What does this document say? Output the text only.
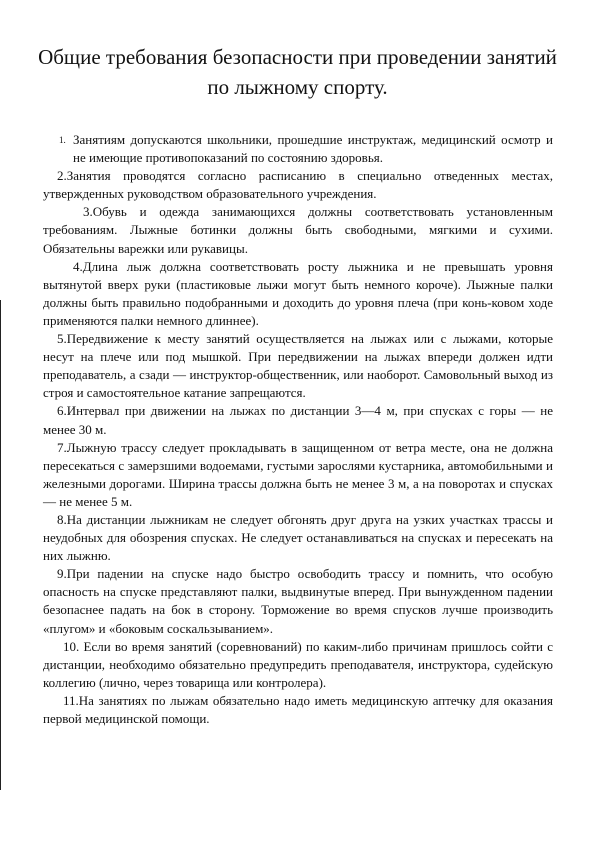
Общие требования безопасности при проведении занятий по лыжному спорту.

1. Занятиям допускаются школьники, прошедшие инструктаж, медицинский осмотр и не имеющие противопоказаний по состоянию здоровья.

2.Занятия проводятся согласно расписанию в специально отведенных местах, утвержденных руководством образовательного учреждения.

3.Обувь и одежда занимающихся должны соответствовать установленным требованиям. Лыжные ботинки должны быть свободными, мягкими и сухими. Обязательны варежки или рукавицы.

4.Длина лыж должна соответствовать росту лыжника и не превышать уровня вытянутой вверх руки (пластиковые лыжи могут быть немного короче). Лыжные палки должны быть правильно подобранными и доходить до уровня плеча (при конь-ковом ходе применяются палки немного длиннее).

5.Передвижение к месту занятий осуществляется на лыжах или с лыжами, которые несут на плече или под мышкой. При передвижении на лыжах впереди должен идти преподаватель, а сзади — инструктор-общественник, или наоборот. Самовольный выход из строя и самостоятельное катание запрещаются.

6.Интервал при движении на лыжах по дистанции 3—4 м, при спусках с горы — не менее 30 м.

7.Лыжную трассу следует прокладывать в защищенном от ветра месте, она не должна пересекаться с замерзшими водоемами, густыми зарослями кустарника, автомобильными и железными дорогами. Ширина трассы должна быть не менее 3 м, а на поворотах и спусках — не менее 5 м.

8.На дистанции лыжникам не следует обгонять друг друга на узких участках трассы и неудобных для обозрения спусках. Не следует останавливаться на спусках и пересекать на них лыжню.

9.При падении на спуске надо быстро освободить трассу и помнить, что особую опасность на спуске представляют палки, выдвинутые вперед. При вынужденном падении безопаснее падать на бок в сторону. Торможение во время спусков лучше производить «плугом» и «боковым соскальзыванием».

10. Если во время занятий (соревнований) по каким-либо причинам пришлось сойти с дистанции, необходимо обязательно предупредить преподавателя, инструктора, судейскую коллегию (лично, через товарища или контролера).

11.На занятиях по лыжам обязательно надо иметь медицинскую аптечку для оказания первой медицинской помощи.
